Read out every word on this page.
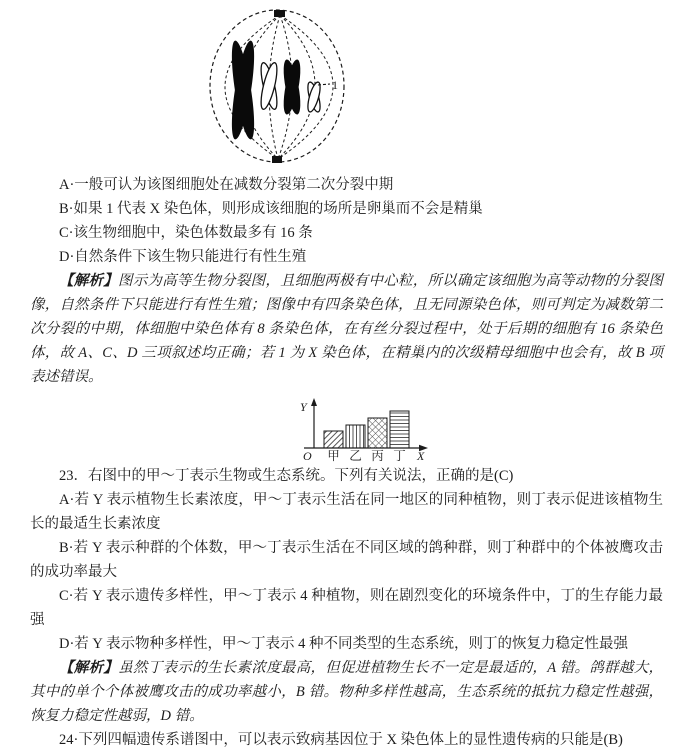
1

A·一般可认为该图细胞处在减数分裂第二次分裂中期

B·如果 1 代表 X 染色体，则形成该细胞的场所是卵巢而不会是精巢

C·该生物细胞中，染色体数最多有 16 条

D·自然条件下该生物只能进行有性生殖

【解析】图示为高等生物分裂图，且细胞两极有中心粒，所以确定该细胞为高等动物的分裂图像，自然条件下只能进行有性生殖；图像中有四条染色体，且无同源染色体，则可判定为减数第二次分裂的中期，体细胞中染色体有 8 条染色体，在有丝分裂过程中，处于后期的细胞有 16 条染色体，故 A、C、D 三项叙述均正确；若 1 为 X 染色体，在精巢内的次级精母细胞中也会有，故 B 项表述错误。

Y
X
O 甲 乙 丙 丁

23．右图中的甲～丁表示生物或生态系统。下列有关说法，正确的是(C)

A·若 Y 表示植物生长素浓度，甲～丁表示生活在同一地区的同种植物，则丁表示促进该植物生长的最适生长素浓度

B·若 Y 表示种群的个体数，甲～丁表示生活在不同区域的鸽种群，则丁种群中的个体被鹰攻击的成功率最大

C·若 Y 表示遗传多样性，甲～丁表示 4 种植物，则在剧烈变化的环境条件中，丁的生存能力最强

D·若 Y 表示物种多样性，甲～丁表示 4 种不同类型的生态系统，则丁的恢复力稳定性最强

【解析】虽然丁表示的生长素浓度最高，但促进植物生长不一定是最适的，A 错。鸽群越大，其中的单个个体被鹰攻击的成功率越小，B 错。物种多样性越高，生态系统的抵抗力稳定性越强，恢复力稳定性越弱，D 错。

24·下列四幅遗传系谱图中，可以表示致病基因位于 X 染色体上的显性遗传病的只能是(B)
